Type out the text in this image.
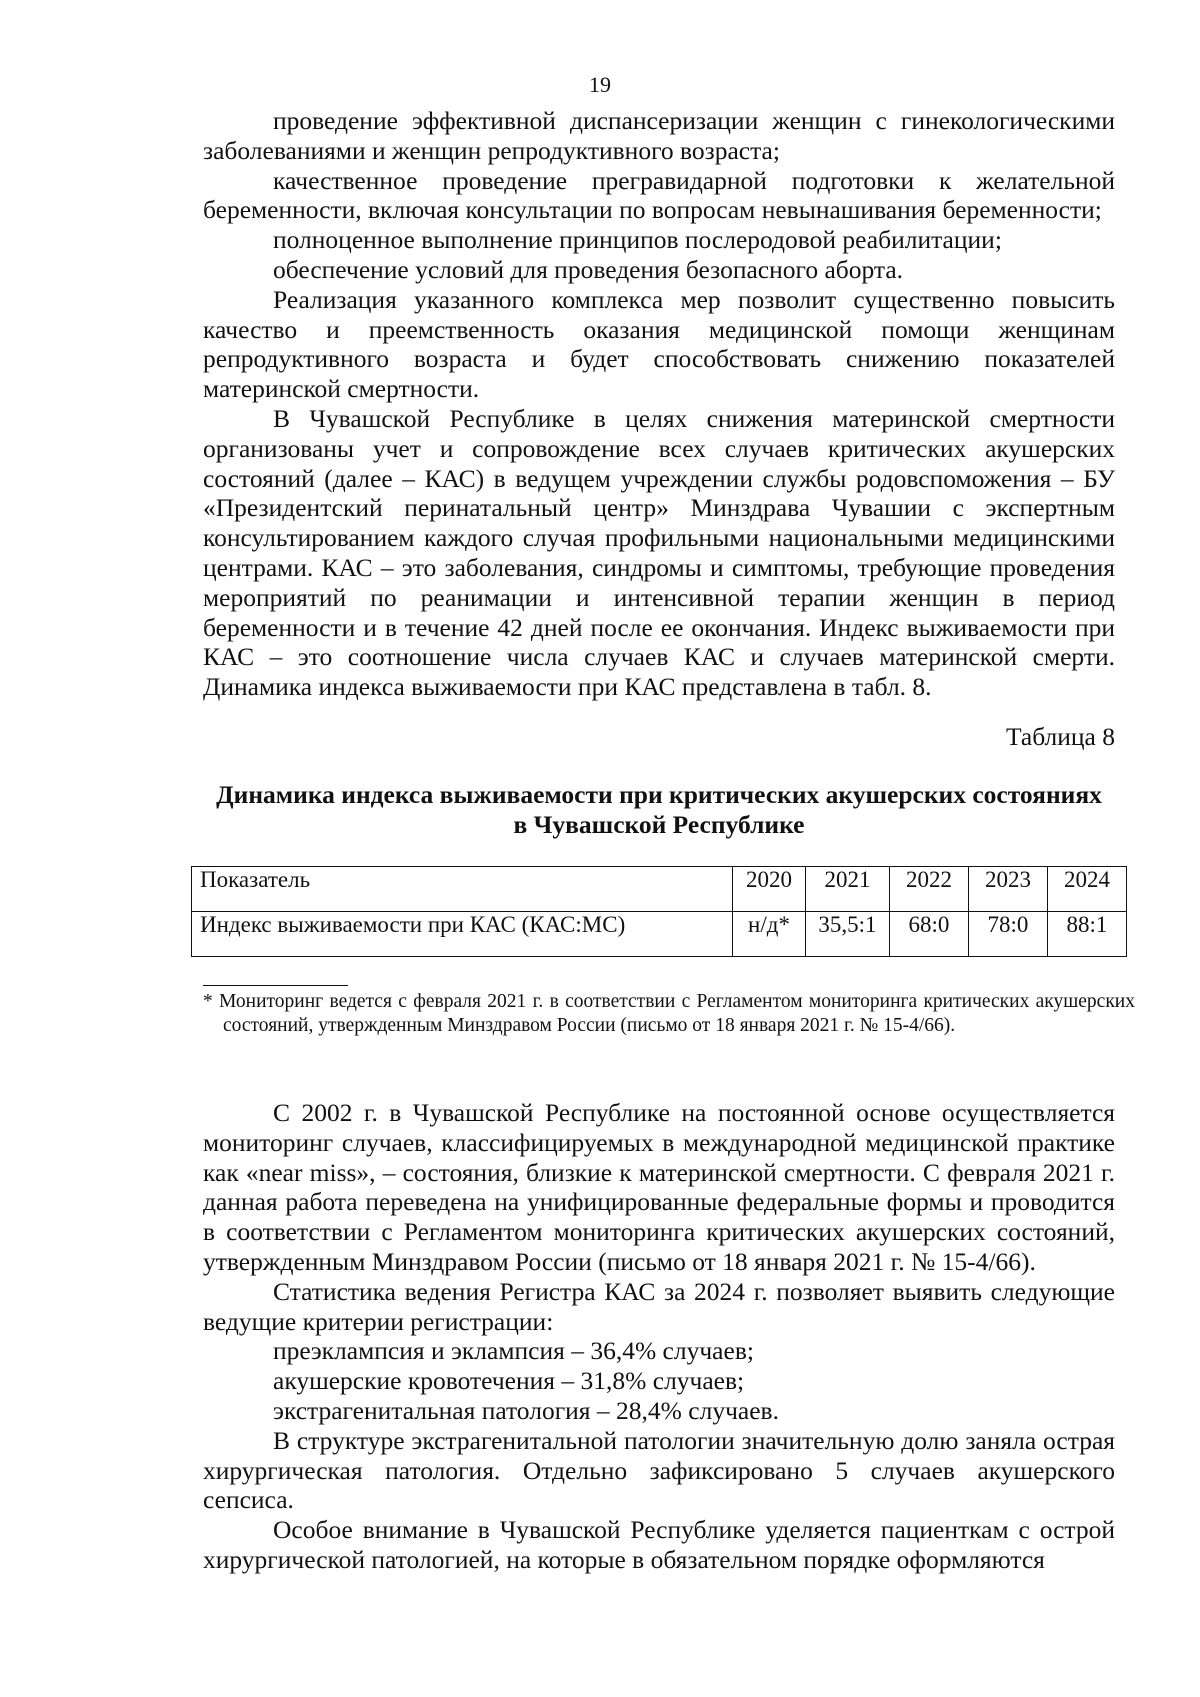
19

проведение эффективной диспансеризации женщин с гинекологическими заболеваниями и женщин репродуктивного возраста;

качественное проведение прегравидарной подготовки к желательной беременности, включая консультации по вопросам невынашивания беременности;

полноценное выполнение принципов послеродовой реабилитации;

обеспечение условий для проведения безопасного аборта.

Реализация указанного комплекса мер позволит существенно повысить качество и преемственность оказания медицинской помощи женщинам репродуктивного возраста и будет способствовать снижению показателей материнской смертности.

В Чувашской Республике в целях снижения материнской смертности организованы учет и сопровождение всех случаев критических акушерских состояний (далее – КАС) в ведущем учреждении службы родовспоможения – БУ «Президентский перинатальный центр» Минздрава Чувашии с экспертным консультированием каждого случая профильными национальными медицинскими центрами. КАС – это заболевания, синдромы и симптомы, требующие проведения мероприятий по реанимации и интенсивной терапии женщин в период беременности и в течение 42 дней после ее окончания. Индекс выживаемости при КАС – это соотношение числа случаев КАС и случаев материнской смерти. Динамика индекса выживаемости при КАС представлена в табл. 8.

Таблица 8
Динамика индекса выживаемости при критических акушерских состояниях
в Чувашской Республике
Показатель	2020	2021	2022	2023	2024
Индекс выживаемости при КАС (КАС:МС)	н/д*	35,5:1	68:0	78:0	88:1
* Мониторинг ведется с февраля 2021 г. в соответствии с Регламентом мониторинга критических акушерских состояний, утвержденным Минздравом России (письмо от 18 января 2021 г. № 15-4/66).

С 2002 г. в Чувашской Республике на постоянной основе осуществляется мониторинг случаев, классифицируемых в международной медицинской практике как «near miss», – состояния, близкие к материнской смертности. С февраля 2021 г. данная работа переведена на унифицированные федеральные формы и проводится в соответствии с Регламентом мониторинга критических акушерских состояний, утвержденным Минздравом России (письмо от 18 января 2021 г. № 15-4/66).

Статистика ведения Регистра КАС за 2024 г. позволяет выявить следующие ведущие критерии регистрации:

преэклампсия и эклампсия – 36,4% случаев;

акушерские кровотечения – 31,8% случаев;

экстрагенитальная патология – 28,4% случаев.

В структуре экстрагенитальной патологии значительную долю заняла острая хирургическая патология. Отдельно зафиксировано 5 случаев акушерского сепсиса.

Особое внимание в Чувашской Республике уделяется пациенткам с острой хирургической патологией, на которые в обязательном порядке оформляются
